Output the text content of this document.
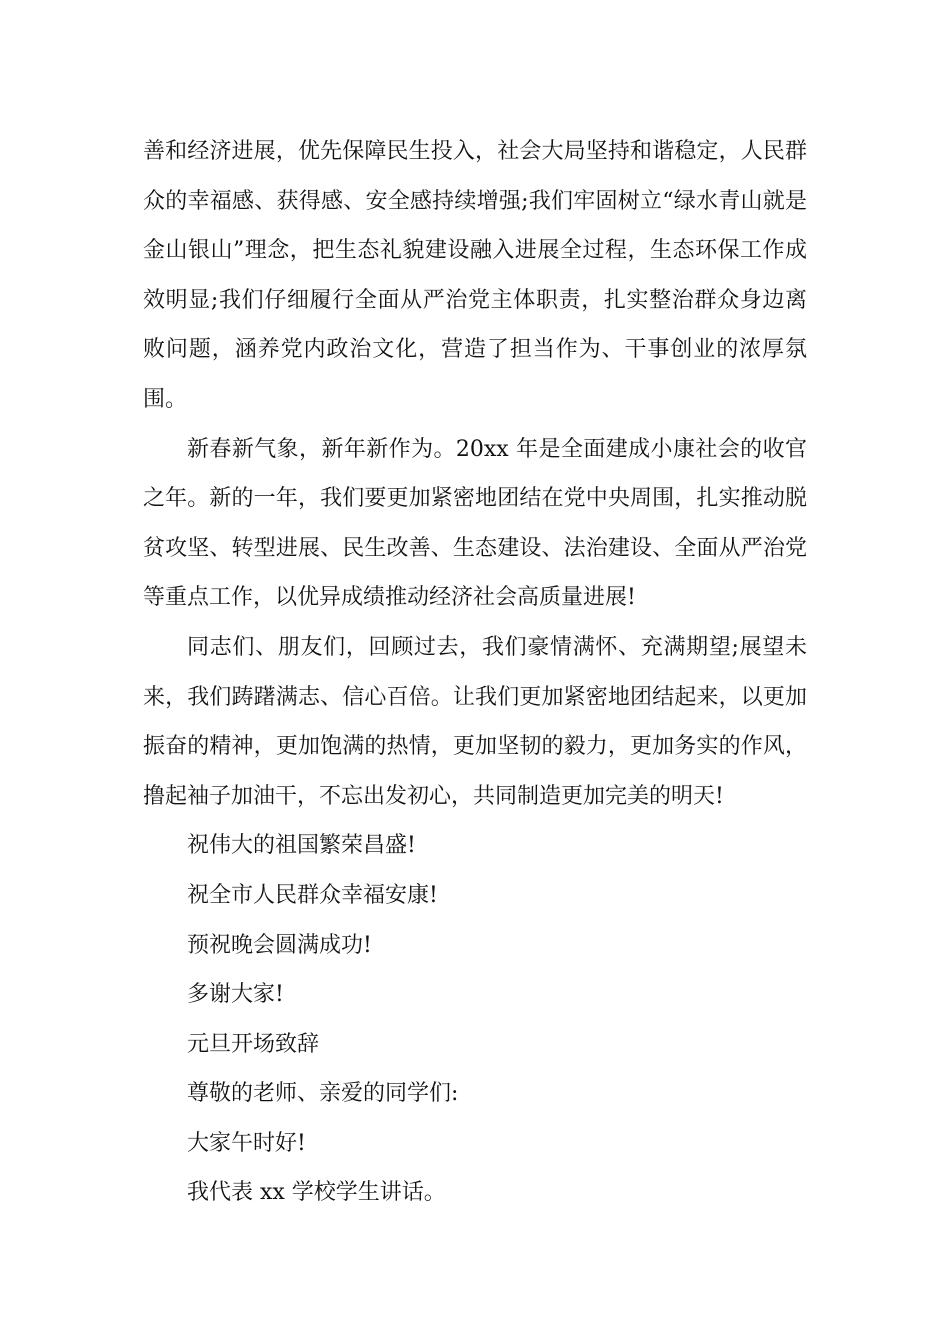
善和经济进展，优先保障民生投入，社会大局坚持和谐稳定，人民群众的幸福感、获得感、安全感持续增强;我们牢固树立“绿水青山就是金山银山”理念，把生态礼貌建设融入进展全过程，生态环保工作成效明显;我们仔细履行全面从严治党主体职责，扎实整治群众身边离败问题，涵养党内政治文化，营造了担当作为、干事创业的浓厚氛围。

新春新气象，新年新作为。20xx 年是全面建成小康社会的收官之年。新的一年，我们要更加紧密地团结在党中央周围，扎实推动脱贫攻坚、转型进展、民生改善、生态建设、法治建设、全面从严治党等重点工作，以优异成绩推动经济社会高质量进展!

同志们、朋友们，回顾过去，我们豪情满怀、充满期望;展望未来，我们踌躇满志、信心百倍。让我们更加紧密地团结起来，以更加振奋的精神，更加饱满的热情，更加坚韧的毅力，更加务实的作风，撸起袖子加油干，不忘出发初心，共同制造更加完美的明天!

祝伟大的祖国繁荣昌盛!

祝全市人民群众幸福安康!

预祝晚会圆满成功!

多谢大家!

元旦开场致辞

尊敬的老师、亲爱的同学们:

大家午时好!

我代表 xx 学校学生讲话。
